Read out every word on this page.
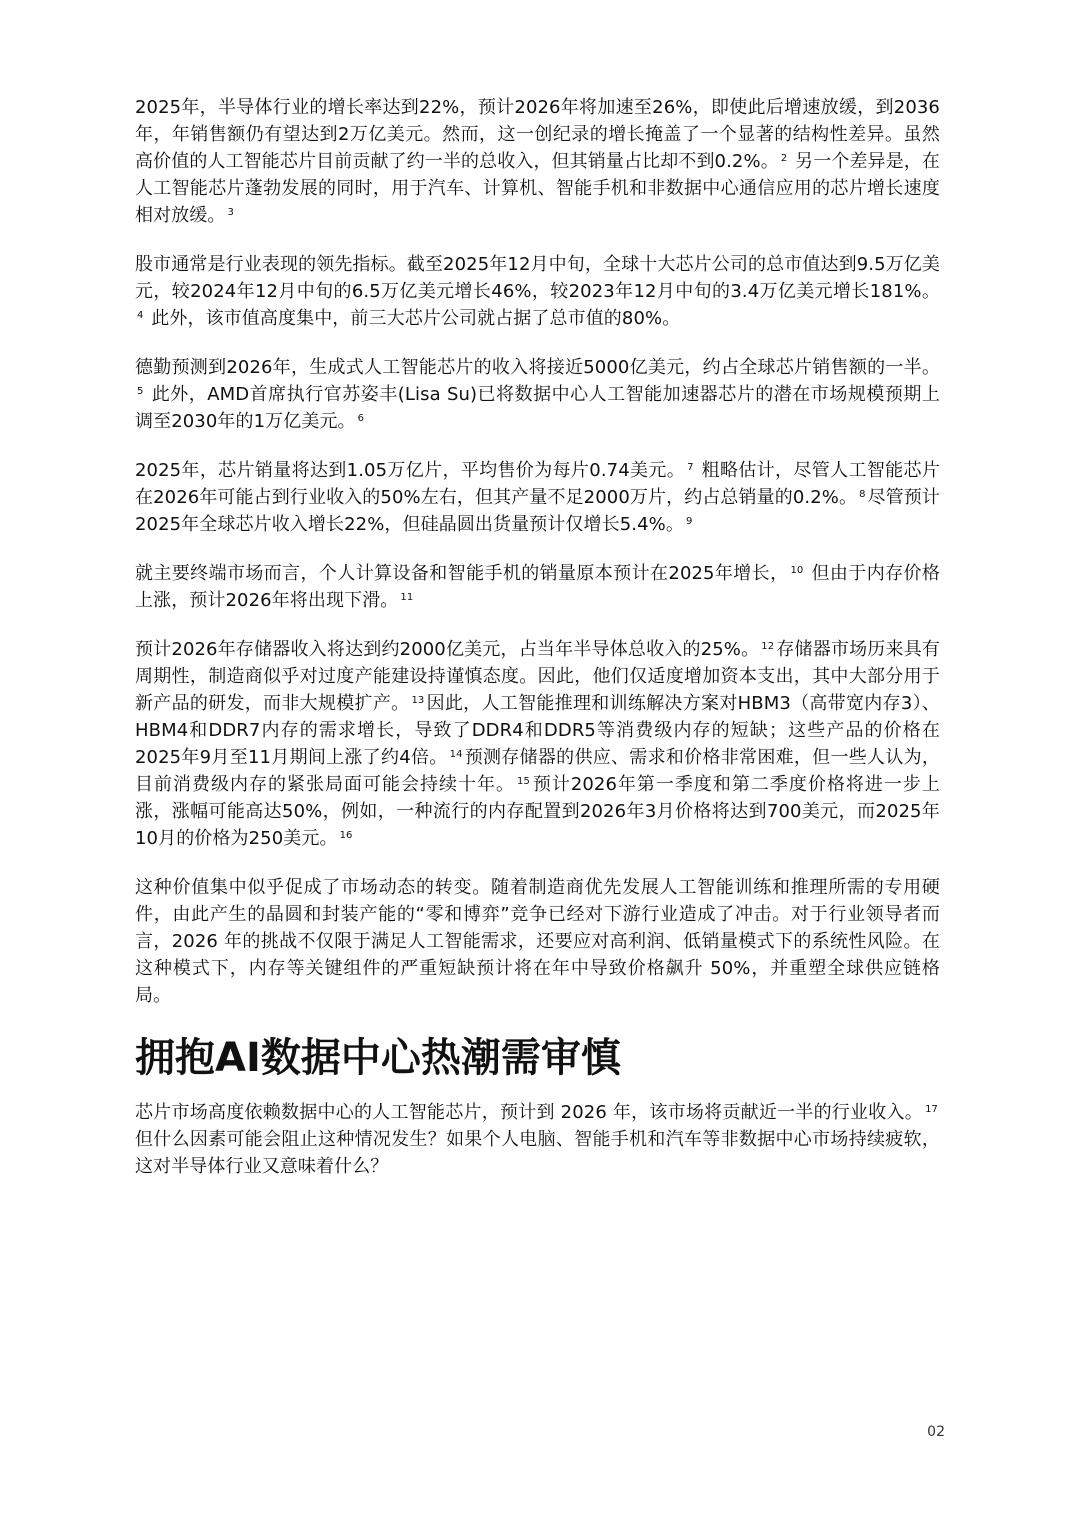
2025年，半导体行业的增长率达到22%，预计2026年将加速至26%，即使此后增速放缓，到2036年，年销售额仍有望达到2万亿美元。然而，这一创纪录的增长掩盖了一个显著的结构性差异。虽然高价值的人工智能芯片目前贡献了约一半的总收入，但其销量占比却不到0.2%。 $^2$ 另一个差异是，在人工智能芯片蓬勃发展的同时，用于汽车、计算机、智能手机和非数据中心通信应用的芯片增长速度相对放缓。 $^3$

股市通常是行业表现的领先指标。截至2025年12月中旬，全球十大芯片公司的总市值达到9.5万亿美元，较2024年12月中旬的6.5万亿美元增长46%，较2023年12月中旬的3.4万亿美元增长181%。$^4$ 此外，该市值高度集中，前三大芯片公司就占据了总市值的80%。

德勤预测到2026年，生成式人工智能芯片的收入将接近5000亿美元，约占全球芯片销售额的一半。$^5$ 此外，AMD首席执行官苏姿丰(Lisa Su)已将数据中心人工智能加速器芯片的潜在市场规模预期上调至2030年的1万亿美元。 $^6$

2025年，芯片销量将达到1.05万亿片，平均售价为每片0.74美元。 $^7$ 粗略估计，尽管人工智能芯片在2026年可能占到行业收入的50%左右，但其产量不足2000万片，约占总销量的0.2%。 $^8$ 尽管预计2025年全球芯片收入增长22%，但硅晶圆出货量预计仅增长5.4%。 $^9$

就主要终端市场而言，个人计算设备和智能手机的销量原本预计在2025年增长， $^{10}$ 但由于内存价格上涨，预计2026年将出现下滑。 $^{11}$

预计2026年存储器收入将达到约2000亿美元，占当年半导体总收入的25%。 $^{12}$ 存储器市场历来具有周期性，制造商似乎对过度产能建设持谨慎态度。因此，他们仅适度增加资本支出，其中大部分用于新产品的研发，而非大规模扩产。 $^{13}$ 因此，人工智能推理和训练解决方案对HBM3（高带宽内存3）、HBM4和DDR7内存的需求增长，导致了DDR4和DDR5等消费级内存的短缺；这些产品的价格在2025年9月至11月期间上涨了约4倍。 $^{14}$ 预测存储器的供应、需求和价格非常困难，但一些人认为，目前消费级内存的紧张局面可能会持续十年。 $^{15}$ 预计2026年第一季度和第二季度价格将进一步上涨，涨幅可能高达50%，例如，一种流行的内存配置到2026年3月价格将达到700美元，而2025年10月的价格为250美元。 $^{16}$

这种价值集中似乎促成了市场动态的转变。随着制造商优先发展人工智能训练和推理所需的专用硬件，由此产生的晶圆和封装产能的“零和博弈”竞争已经对下游行业造成了冲击。对于行业领导者而言，2026 年的挑战不仅限于满足人工智能需求，还要应对高利润、低销量模式下的系统性风险。在这种模式下，内存等关键组件的严重短缺预计将在年中导致价格飙升 50%，并重塑全球供应链格局。

拥抱AI数据中心热潮需审慎

芯片市场高度依赖数据中心的人工智能芯片，预计到 2026 年，该市场将贡献近一半的行业收入。 $^{17}$ 但什么因素可能会阻止这种情况发生？如果个人电脑、智能手机和汽车等非数据中心市场持续疲软，这对半导体行业又意味着什么？

02
